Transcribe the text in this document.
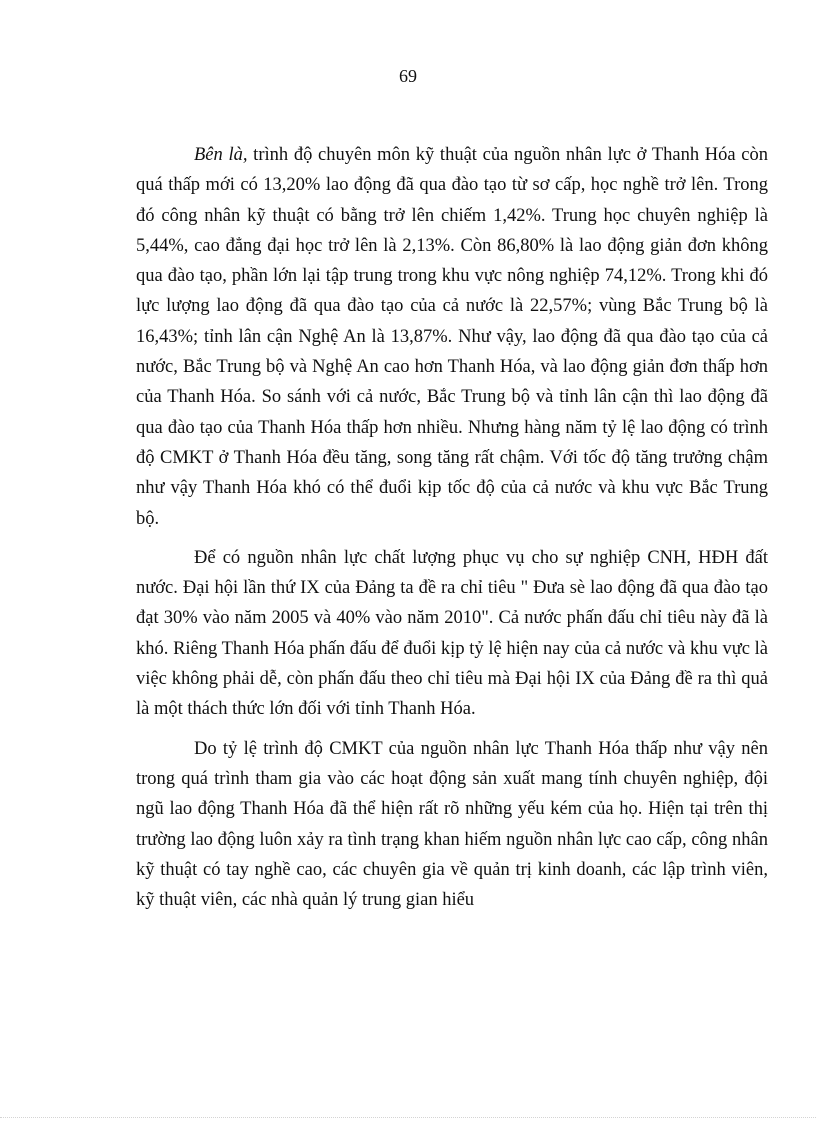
69

Bên là, trình độ chuyên môn kỹ thuật của nguồn nhân lực ở Thanh Hóa còn quá thấp mới có 13,20% lao động đã qua đào tạo từ sơ cấp, học nghề trở lên. Trong đó công nhân kỹ thuật có bằng trở lên chiếm 1,42%. Trung học chuyên nghiệp là 5,44%, cao đẳng đại học trở lên là 2,13%. Còn 86,80% là lao động giản đơn không qua đào tạo, phần lớn lại tập trung trong khu vực nông nghiệp 74,12%. Trong khi đó lực lượng lao động đã qua đào tạo của cả nước là 22,57%; vùng Bắc Trung bộ là 16,43%; tỉnh lân cận Nghệ An là 13,87%. Như vậy, lao động đã qua đào tạo của cả nước, Bắc Trung bộ và Nghệ An cao hơn Thanh Hóa, và lao động giản đơn thấp hơn của Thanh Hóa. So sánh với cả nước, Bắc Trung bộ và tỉnh lân cận thì lao động đã qua đào tạo của Thanh Hóa thấp hơn nhiều. Nhưng hàng năm tỷ lệ lao động có trình độ CMKT ở Thanh Hóa đều tăng, song tăng rất chậm. Với tốc độ tăng trưởng chậm như vậy Thanh Hóa khó có thể đuổi kịp tốc độ của cả nước và khu vực Bắc Trung bộ.

Để có nguồn nhân lực chất lượng phục vụ cho sự nghiệp CNH, HĐH đất nước. Đại hội lần thứ IX của Đảng ta đề ra chỉ tiêu " Đưa sè lao động đã qua đào tạo đạt 30% vào năm 2005 và 40% vào năm 2010". Cả nước phấn đấu chỉ tiêu này đã là khó. Riêng Thanh Hóa phấn đấu để đuổi kịp tỷ lệ hiện nay của cả nước và khu vực là việc không phải dễ, còn phấn đấu theo chỉ tiêu mà Đại hội IX của Đảng đề ra thì quả là một thách thức lớn đối với tỉnh Thanh Hóa.

Do tỷ lệ trình độ CMKT của nguồn nhân lực Thanh Hóa thấp như vậy nên trong quá trình tham gia vào các hoạt động sản xuất mang tính chuyên nghiệp, đội ngũ lao động Thanh Hóa đã thể hiện rất rõ những yếu kém của họ. Hiện tại trên thị trường lao động luôn xảy ra tình trạng khan hiếm nguồn nhân lực cao cấp, công nhân kỹ thuật có tay nghề cao, các chuyên gia về quản trị kinh doanh, các lập trình viên, kỹ thuật viên, các nhà quản lý trung gian hiểu
